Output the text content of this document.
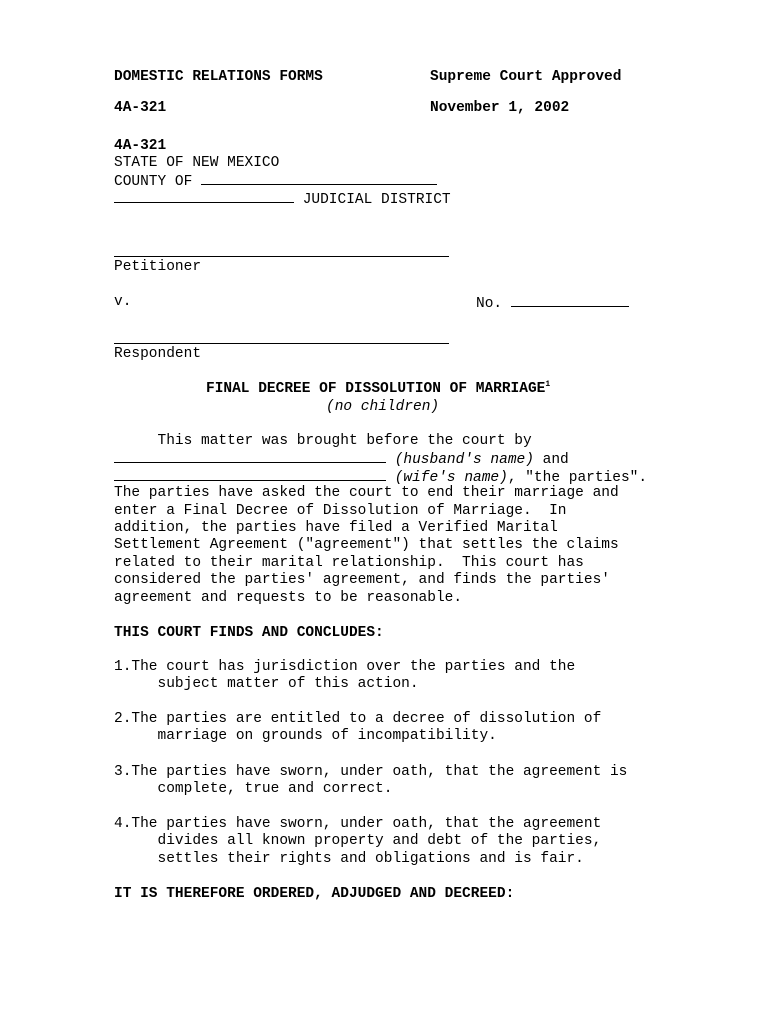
DOMESTIC RELATIONS FORMS	Supreme Court Approved
4A-321	November 1, 2002
4A-321
STATE OF NEW MEXICO
COUNTY OF
JUDICIAL DISTRICT
Petitioner
v.	No.
Respondent
FINAL DECREE OF DISSOLUTION OF MARRIAGE$^1$
(no children)
This matter was brought before the court by
(husband's name) and
(wife's name), "the parties".
The parties have asked the court to end their marriage and
enter a Final Decree of Dissolution of Marriage.  In
addition, the parties have filed a Verified Marital
Settlement Agreement ("agreement") that settles the claims
related to their marital relationship.  This court has
considered the parties' agreement, and finds the parties'
agreement and requests to be reasonable.
THIS COURT FINDS AND CONCLUDES:
1.The court has jurisdiction over the parties and the
subject matter of this action.
2.The parties are entitled to a decree of dissolution of
marriage on grounds of incompatibility.
3.The parties have sworn, under oath, that the agreement is
complete, true and correct.
4.The parties have sworn, under oath, that the agreement
divides all known property and debt of the parties,
settles their rights and obligations and is fair.
IT IS THEREFORE ORDERED, ADJUDGED AND DECREED:
